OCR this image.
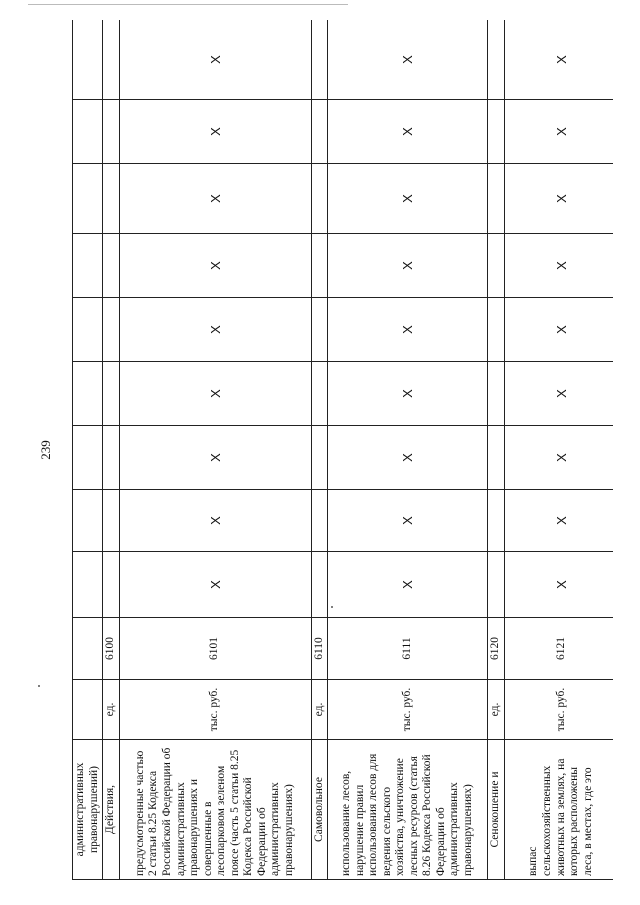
239
административных правонарушений)											
Действия,	ед.	6100									
предусмотренные частью 2 статьи 8.25 Кодекса Российской Федерации об административных правонарушениях и совершенные в лесопарковом зеленом поясе (часть 5 статьи 8.25 Кодекса Российской Федерации об административных правонарушениях)	тыс. руб.	6101	X	X	X	X	X	X	X	X	X
Самовольное	ед.	6110									
использование лесов, нарушение правил использования лесов для ведения сельского хозяйства, уничтожение лесных ресурсов (статья 8.26 Кодекса Российской Федерации об административных правонарушениях)	тыс. руб.	6111	X	X	X	X	X	X	X	X	X
Сенокошение и	ед.	6120									
выпас сельскохозяйственных животных на землях, на которых расположены леса, в местах, где это	тыс. руб.	6121	X	X	X	X	X	X	X	X	X
